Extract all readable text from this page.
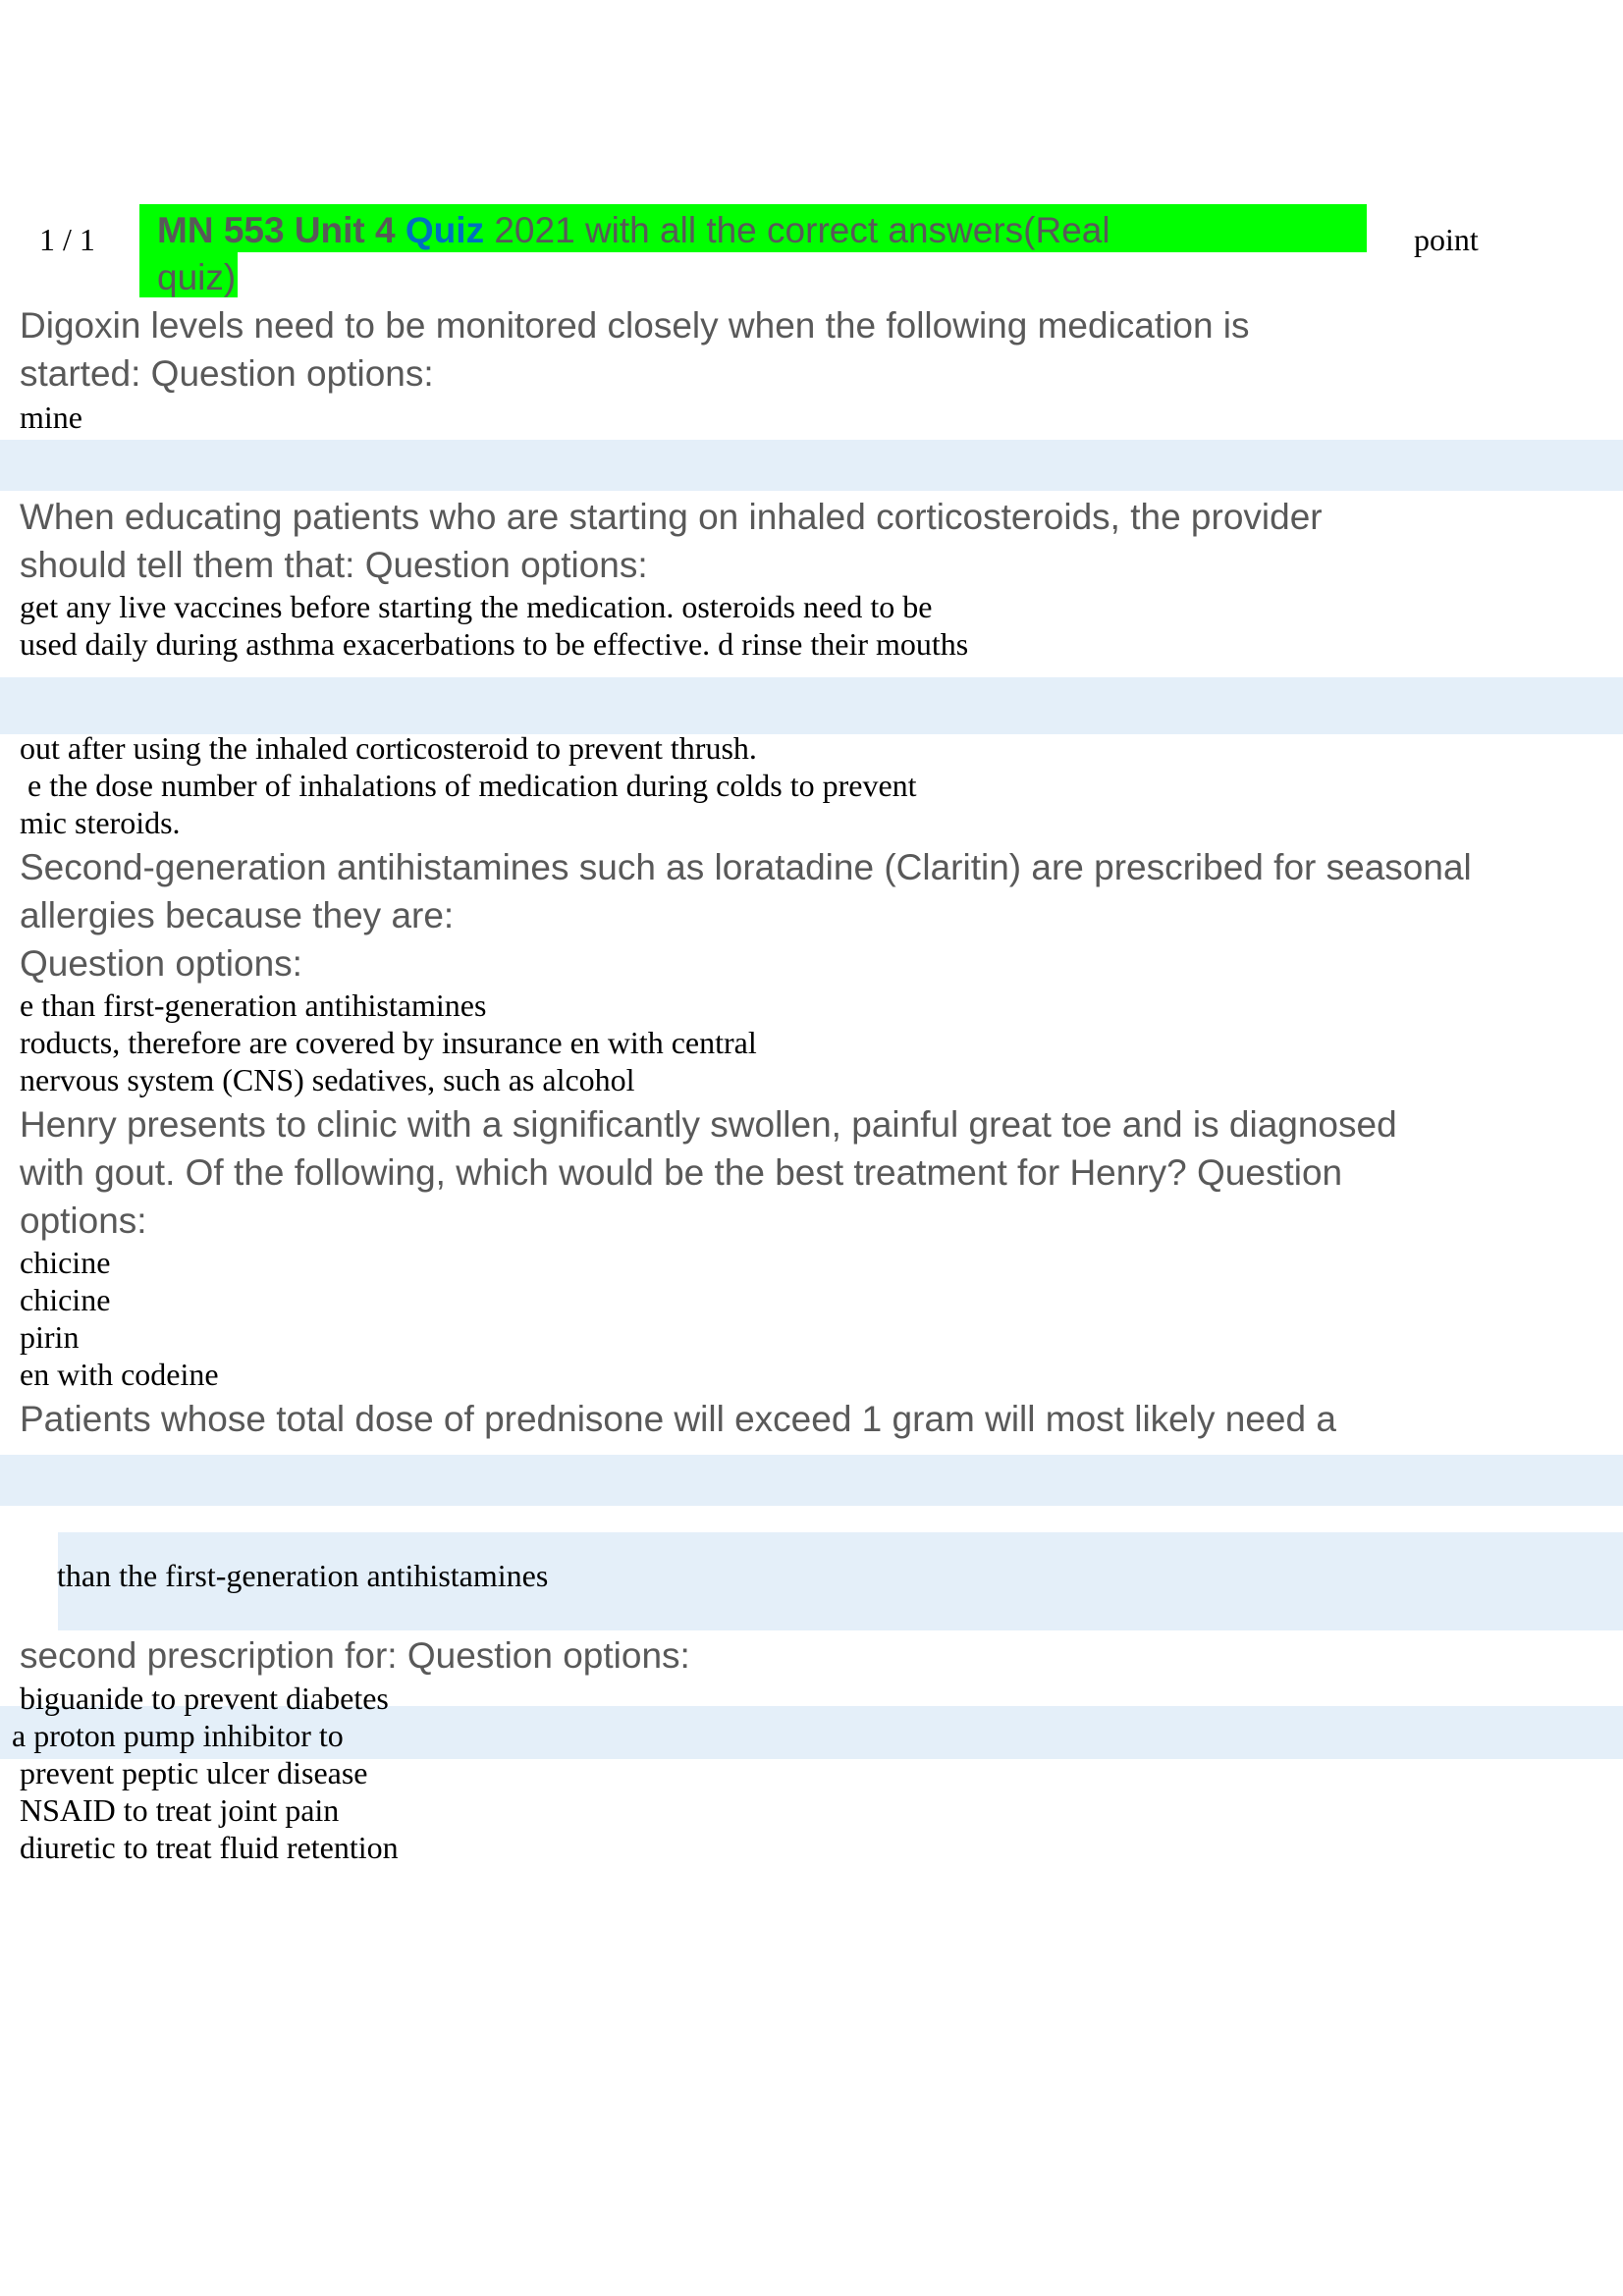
1 / 1 MN 553 Unit 4 Quiz 2021 with all the correct answers(Real
quiz)
point
Digoxin levels need to be monitored closely when the following medication is
started: Question options:
mine
When educating patients who are starting on inhaled corticosteroids, the provider
should tell them that: Question options:
get any live vaccines before starting the medication. osteroids need to be
used daily during asthma exacerbations to be effective. d rinse their mouths
out after using the inhaled corticosteroid to prevent thrush.
e the dose number of inhalations of medication during colds to prevent
mic steroids.
Second-generation antihistamines such as loratadine (Claritin) are prescribed for seasonal
allergies because they are:
Question options:
e than first-generation antihistamines
roducts, therefore are covered by insurance en with central
nervous system (CNS) sedatives, such as alcohol
than the first-generation antihistamines
Henry presents to clinic with a significantly swollen, painful great toe and is diagnosed
with gout. Of the following, which would be the best treatment for Henry? Question
options:
chicine
chicine
pirin
en with codeine
Patients whose total dose of prednisone will exceed 1 gram will most likely need a
second prescription for: Question options:
biguanide to prevent diabetes
a proton pump inhibitor to
prevent peptic ulcer disease
NSAID to treat joint pain
diuretic to treat fluid retention
